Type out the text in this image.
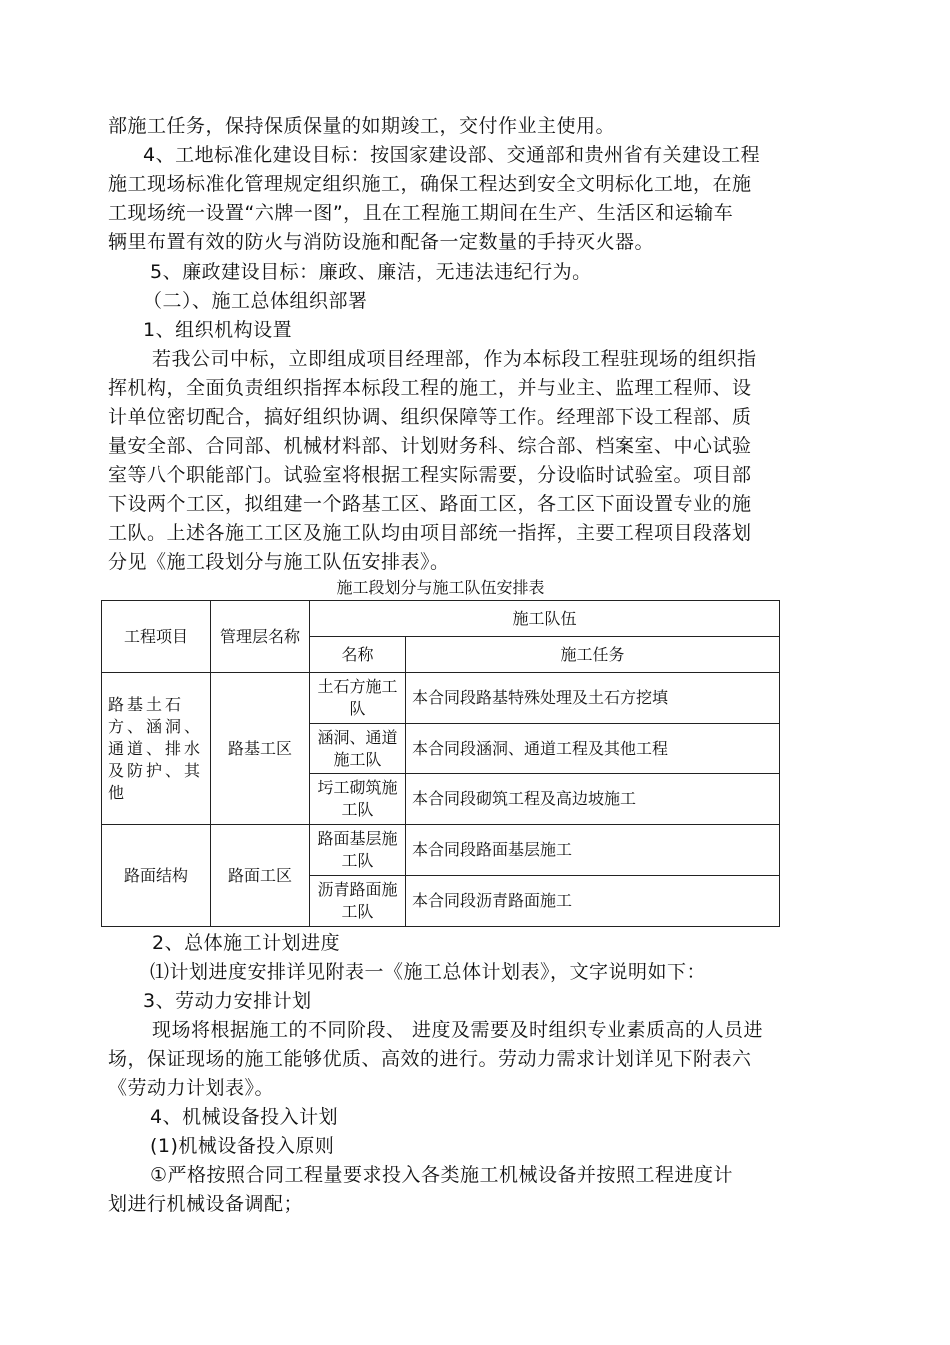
部施工任务，保持保质保量的如期竣工，交付作业主使用。
4、工地标准化建设目标：按国家建设部、交通部和贵州省有关建设工程
施工现场标准化管理规定组织施工，确保工程达到安全文明标化工地，在施
工现场统一设置“六牌一图”，且在工程施工期间在生产、生活区和运输车
辆里布置有效的防火与消防设施和配备一定数量的手持灭火器。
5、廉政建设目标：廉政、廉洁，无违法违纪行为。
（二）、施工总体组织部署
1、组织机构设置
若我公司中标，立即组成项目经理部，作为本标段工程驻现场的组织指
挥机构，全面负责组织指挥本标段工程的施工，并与业主、监理工程师、设
计单位密切配合，搞好组织协调、组织保障等工作。经理部下设工程部、质
量安全部、合同部、机械材料部、计划财务科、综合部、档案室、中心试验
室等八个职能部门。试验室将根据工程实际需要，分设临时试验室。项目部
下设两个工区，拟组建一个路基工区、路面工区，各工区下面设置专业的施
工队。上述各施工工区及施工队均由项目部统一指挥，主要工程项目段落划
分见《施工段划分与施工队伍安排表》。
施工段划分与施工队伍安排表
工程项目	管理层名称	施工队伍	
		名称	施工任务
路基土石方、涵洞、通道、排水及防护、其他	路基工区	土石方施工队	本合同段路基特殊处理及土石方挖填
		涵洞、通道施工队	本合同段涵洞、通道工程及其他工程
		圬工砌筑施工队	本合同段砌筑工程及高边坡施工
路面结构	路面工区	路面基层施工队	本合同段路面基层施工
		沥青路面施工队	本合同段沥青路面施工
2、总体施工计划进度
⑴计划进度安排详见附表一《施工总体计划表》，文字说明如下：
3、劳动力安排计划
现场将根据施工的不同阶段、 进度及需要及时组织专业素质高的人员进
场，保证现场的施工能够优质、高效的进行。劳动力需求计划详见下附表六
《劳动力计划表》。
4、机械设备投入计划
(1)机械设备投入原则
①严格按照合同工程量要求投入各类施工机械设备并按照工程进度计
划进行机械设备调配；
